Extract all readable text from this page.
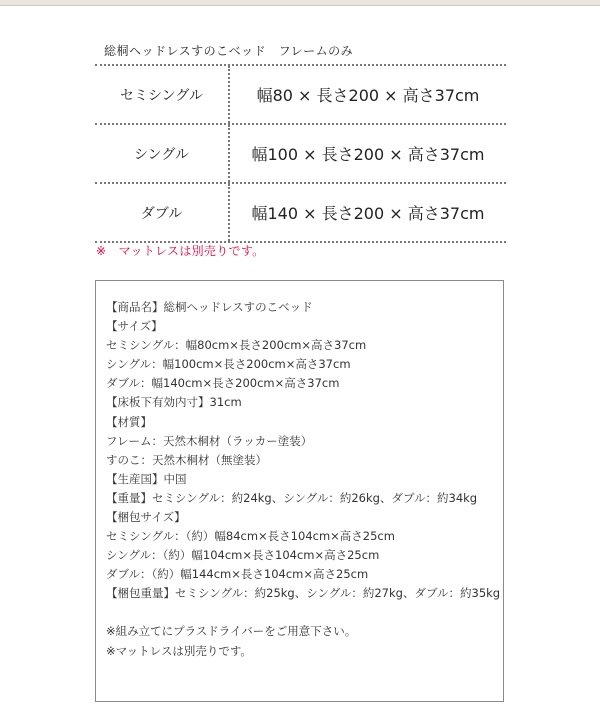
総桐ヘッドレスすのこベッド　フレームのみ
セミシングル	幅80 × 長さ200 × 高さ37cm
シングル	幅100 × 長さ200 × 高さ37cm
ダブル	幅140 × 長さ200 × 高さ37cm
※　マットレスは別売りです。
【商品名】総桐ヘッドレスすのこベッド
【サイズ】
セミシングル：幅80cm×長さ200cm×高さ37cm
シングル：幅100cm×長さ200cm×高さ37cm
ダブル：幅140cm×長さ200cm×高さ37cm
【床板下有効内寸】31cm
【材質】
フレーム：天然木桐材（ラッカー塗装）
すのこ：天然木桐材（無塗装）
【生産国】中国
【重量】セミシングル：約24kg、シングル：約26kg、ダブル：約34kg
【梱包サイズ】
セミシングル：（約）幅84cm×長さ104cm×高さ25cm
シングル：（約）幅104cm×長さ104cm×高さ25cm
ダブル：（約）幅144cm×長さ104cm×高さ25cm
【梱包重量】セミシングル：約25kg、シングル：約27kg、ダブル：約35kg
※組み立てにプラスドライバーをご用意下さい。
※マットレスは別売りです。
